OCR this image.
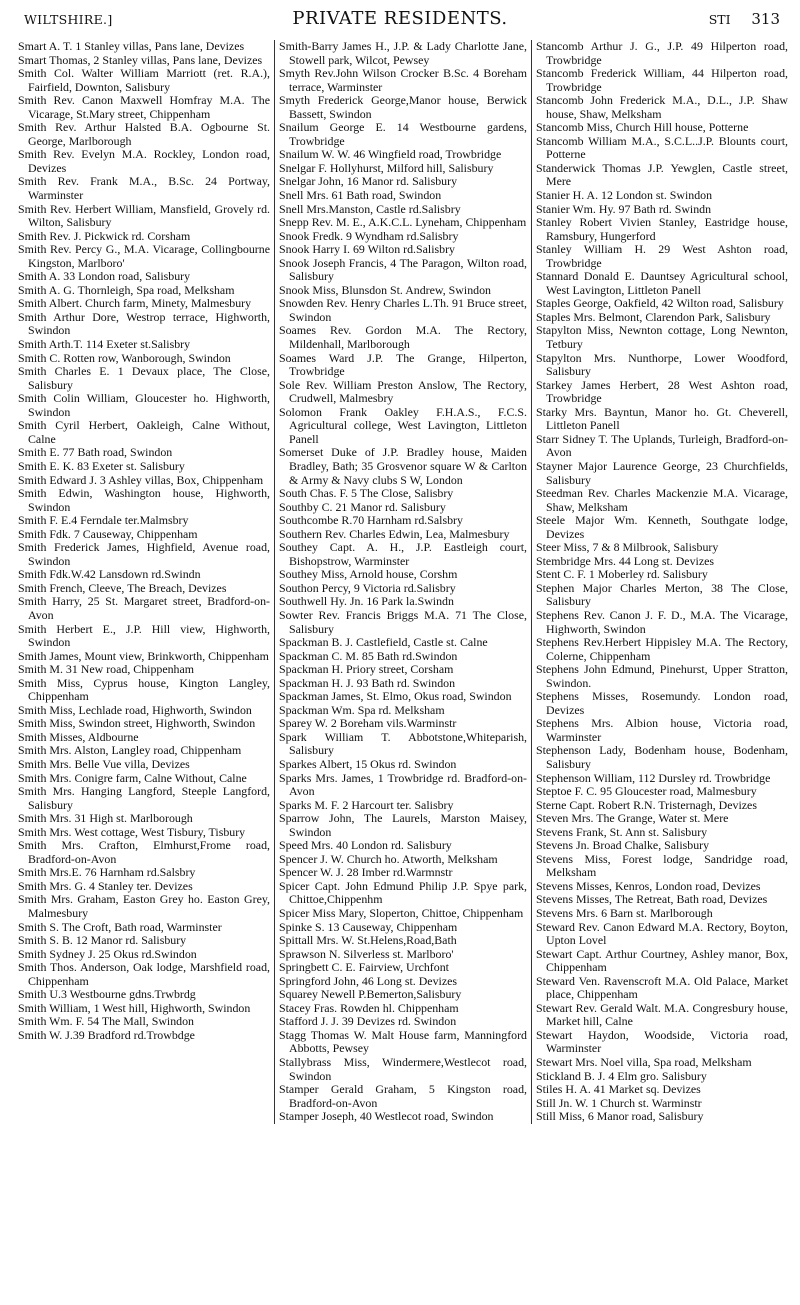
WILTSHIRE.]	PRIVATE RESIDENTS.	STI 313
Smart A. T. 1 Stanley villas, Pans lane, Devizes
Smart Thomas, 2 Stanley villas, Pans lane, Devizes
Smith Col. Walter William Marriott (ret. R.A.), Fairfield, Downton, Salisbury
Smith Rev. Canon Maxwell Homfray M.A. The Vicarage, St.Mary street, Chippenham
Smith Rev. Arthur Halsted B.A. Ogbourne St. George, Marlborough
Smith Rev. Evelyn M.A. Rockley, London road, Devizes
Smith Rev. Frank M.A., B.Sc. 24 Portway, Warminster
Smith Rev. Herbert William, Mansfield, Grovely rd. Wilton, Salisbury
Smith Rev. J. Pickwick rd. Corsham
Smith Rev. Percy G., M.A. Vicarage, Collingbourne Kingston, Marlboro'
Smith A. 33 London road, Salisbury
Smith A. G. Thornleigh, Spa road, Melksham
Smith Albert. Church farm, Minety, Malmesbury
Smith Arthur Dore, Westrop terrace, Highworth, Swindon
Smith Arth.T. 114 Exeter st.Salisbry
Smith C. Rotten row, Wanborough, Swindon
Smith Charles E. 1 Devaux place, The Close, Salisbury
Smith Colin William, Gloucester ho. Highworth, Swindon
Smith Cyril Herbert, Oakleigh, Calne Without, Calne
Smith E. 77 Bath road, Swindon
Smith E. K. 83 Exeter st. Salisbury
Smith Edward J. 3 Ashley villas, Box, Chippenham
Smith Edwin, Washington house, Highworth, Swindon
Smith F. E.4 Ferndale ter.Malmsbry
Smith Fdk. 7 Causeway, Chippenham
Smith Frederick James, Highfield, Avenue road, Swindon
Smith Fdk.W.42 Lansdown rd.Swindn
Smith French, Cleeve, The Breach, Devizes
Smith Harry, 25 St. Margaret street, Bradford-on-Avon
Smith Herbert E., J.P. Hill view, Highworth, Swindon
Smith James, Mount view, Brinkworth, Chippenham
Smith M. 31 New road, Chippenham
Smith Miss, Cyprus house, Kington Langley, Chippenham
Smith Miss, Lechlade road, Highworth, Swindon
Smith Miss, Swindon street, Highworth, Swindon
Smith Misses, Aldbourne
Smith Mrs. Alston, Langley road, Chippenham
Smith Mrs. Belle Vue villa, Devizes
Smith Mrs. Conigre farm, Calne Without, Calne
Smith Mrs. Hanging Langford, Steeple Langford, Salisbury
Smith Mrs. 31 High st. Marlborough
Smith Mrs. West cottage, West Tisbury, Tisbury
Smith Mrs. Crafton, Elmhurst,Frome road, Bradford-on-Avon
Smith Mrs.E. 76 Harnham rd.Salsbry
Smith Mrs. G. 4 Stanley ter. Devizes
Smith Mrs. Graham, Easton Grey ho. Easton Grey, Malmesbury
Smith S. The Croft, Bath road, Warminster
Smith S. B. 12 Manor rd. Salisbury
Smith Sydney J. 25 Okus rd.Swindon
Smith Thos. Anderson, Oak lodge, Marshfield road, Chippenham
Smith U.3 Westbourne gdns.Trwbrdg
Smith William, 1 West hill, Highworth, Swindon
Smith Wm. F. 54 The Mall, Swindon
Smith W. J.39 Bradford rd.Trowbdge
Smith-Barry James H., J.P. & Lady Charlotte Jane, Stowell park, Wilcot, Pewsey
Smyth Rev.John Wilson Crocker B.Sc. 4 Boreham terrace, Warminster
Smyth Frederick George,Manor house, Berwick Bassett, Swindon
Snailum George E. 14 Westbourne gardens, Trowbridge
Snailum W. W. 46 Wingfield road, Trowbridge
Snelgar F. Hollyhurst, Milford hill, Salisbury
Snelgar John, 16 Manor rd. Salisbury
Snell Mrs. 61 Bath road, Swindon
Snell Mrs.Manston, Castle rd.Salisbry
Snepp Rev. M. E., A.K.C.L. Lyneham, Chippenham
Snook Fredk. 9 Wyndham rd.Salisbry
Snook Harry I. 69 Wilton rd.Salisbry
Snook Joseph Francis, 4 The Paragon, Wilton road, Salisbury
Snook Miss, Blunsdon St. Andrew, Swindon
Snowden Rev. Henry Charles L.Th. 91 Bruce street, Swindon
Soames Rev. Gordon M.A. The Rectory, Mildenhall, Marlborough
Soames Ward J.P. The Grange, Hilperton, Trowbridge
Sole Rev. William Preston Anslow, The Rectory, Crudwell, Malmesbry
Solomon Frank Oakley F.H.A.S., F.C.S. Agricultural college, West Lavington, Littleton Panell
Somerset Duke of J.P. Bradley house, Maiden Bradley, Bath; 35 Grosvenor square W & Carlton & Army & Navy clubs S W, London
South Chas. F. 5 The Close, Salisbry
Southby C. 21 Manor rd. Salisbury
Southcombe R.70 Harnham rd.Salsbry
Southern Rev. Charles Edwin, Lea, Malmesbury
Southey Capt. A. H., J.P. Eastleigh court, Bishopstrow, Warminster
Southey Miss, Arnold house, Corshm
Southon Percy, 9 Victoria rd.Salisbry
Southwell Hy. Jn. 16 Park la.Swindn
Sowter Rev. Francis Briggs M.A. 71 The Close, Salisbury
Spackman B. J. Castlefield, Castle st. Calne
Spackman C. M. 85 Bath rd.Swindon
Spackman H. Priory street, Corsham
Spackman H. J. 93 Bath rd. Swindon
Spackman James, St. Elmo, Okus road, Swindon
Spackman Wm. Spa rd. Melksham
Sparey W. 2 Boreham vils.Warminstr
Spark William T. Abbotstone,Whiteparish, Salisbury
Sparkes Albert, 15 Okus rd. Swindon
Sparks Mrs. James, 1 Trowbridge rd. Bradford-on-Avon
Sparks M. F. 2 Harcourt ter. Salisbry
Sparrow John, The Laurels, Marston Maisey, Swindon
Speed Mrs. 40 London rd. Salisbury
Spencer J. W. Church ho. Atworth, Melksham
Spencer W. J. 28 Imber rd.Warmnstr
Spicer Capt. John Edmund Philip J.P. Spye park, Chittoe,Chippenhm
Spicer Miss Mary, Sloperton, Chittoe, Chippenham
Spinke S. 13 Causeway, Chippenham
Spittall Mrs. W. St.Helens,Road,Bath
Sprawson N. Silverless st. Marlboro'
Springbett C. E. Fairview, Urchfont
Springford John, 46 Long st. Devizes
Squarey Newell P.Bemerton,Salisbury
Stacey Fras. Rowden hl. Chippenham
Stafford J. J. 39 Devizes rd. Swindon
Stagg Thomas W. Malt House farm, Manningford Abbotts, Pewsey
Stallybrass Miss, Windermere,Westlecot road, Swindon
Stamper Gerald Graham, 5 Kingston road, Bradford-on-Avon
Stamper Joseph, 40 Westlecot road, Swindon
Stancomb Arthur J. G., J.P. 49 Hilperton road, Trowbridge
Stancomb Frederick William, 44 Hilperton road, Trowbridge
Stancomb John Frederick M.A., D.L., J.P. Shaw house, Shaw, Melksham
Stancomb Miss, Church Hill house, Potterne
Stancomb William M.A., S.C.L..J.P. Blounts court, Potterne
Standerwick Thomas J.P. Yewglen, Castle street, Mere
Stanier H. A. 12 London st. Swindon
Stanier Wm. Hy. 97 Bath rd. Swindn
Stanley Robert Vivien Stanley, Eastridge house, Ramsbury, Hungerford
Stanley William H. 29 West Ashton road, Trowbridge
Stannard Donald E. Dauntsey Agricultural school, West Lavington, Littleton Panell
Staples George, Oakfield, 42 Wilton road, Salisbury
Staples Mrs. Belmont, Clarendon Park, Salisbury
Stapylton Miss, Newnton cottage, Long Newnton, Tetbury
Stapylton Mrs. Nunthorpe, Lower Woodford, Salisbury
Starkey James Herbert, 28 West Ashton road, Trowbridge
Starky Mrs. Bayntun, Manor ho. Gt. Cheverell, Littleton Panell
Starr Sidney T. The Uplands, Turleigh, Bradford-on-Avon
Stayner Major Laurence George, 23 Churchfields, Salisbury
Steedman Rev. Charles Mackenzie M.A. Vicarage, Shaw, Melksham
Steele Major Wm. Kenneth, Southgate lodge, Devizes
Steer Miss, 7 & 8 Milbrook, Salisbury
Stembridge Mrs. 44 Long st. Devizes
Stent C. F. 1 Moberley rd. Salisbury
Stephen Major Charles Merton, 38 The Close, Salisbury
Stephens Rev. Canon J. F. D., M.A. The Vicarage, Highworth, Swindon
Stephens Rev.Herbert Hippisley M.A. The Rectory, Colerne, Chippenham
Stephens John Edmund, Pinehurst, Upper Stratton, Swindon.
Stephens Misses, Rosemundy. London road, Devizes
Stephens Mrs. Albion house, Victoria road, Warminster
Stephenson Lady, Bodenham house, Bodenham, Salisbury
Stephenson William, 112 Dursley rd. Trowbridge
Steptoe F. C. 95 Gloucester road, Malmesbury
Sterne Capt. Robert R.N. Tristernagh, Devizes
Steven Mrs. The Grange, Water st. Mere
Stevens Frank, St. Ann st. Salisbury
Stevens Jn. Broad Chalke, Salisbury
Stevens Miss, Forest lodge, Sandridge road, Melksham
Stevens Misses, Kenros, London road, Devizes
Stevens Misses, The Retreat, Bath road, Devizes
Stevens Mrs. 6 Barn st. Marlborough
Steward Rev. Canon Edward M.A. Rectory, Boyton, Upton Lovel
Stewart Capt. Arthur Courtney, Ashley manor, Box, Chippenham
Steward Ven. Ravenscroft M.A. Old Palace, Market place, Chippenham
Stewart Rev. Gerald Walt. M.A. Congresbury house, Market hill, Calne
Stewart Haydon, Woodside, Victoria road, Warminster
Stewart Mrs. Noel villa, Spa road, Melksham
Stickland B. J. 4 Elm gro. Salisbury
Stiles H. A. 41 Market sq. Devizes
Still Jn. W. 1 Church st. Warminstr
Still Miss, 6 Manor road, Salisbury
